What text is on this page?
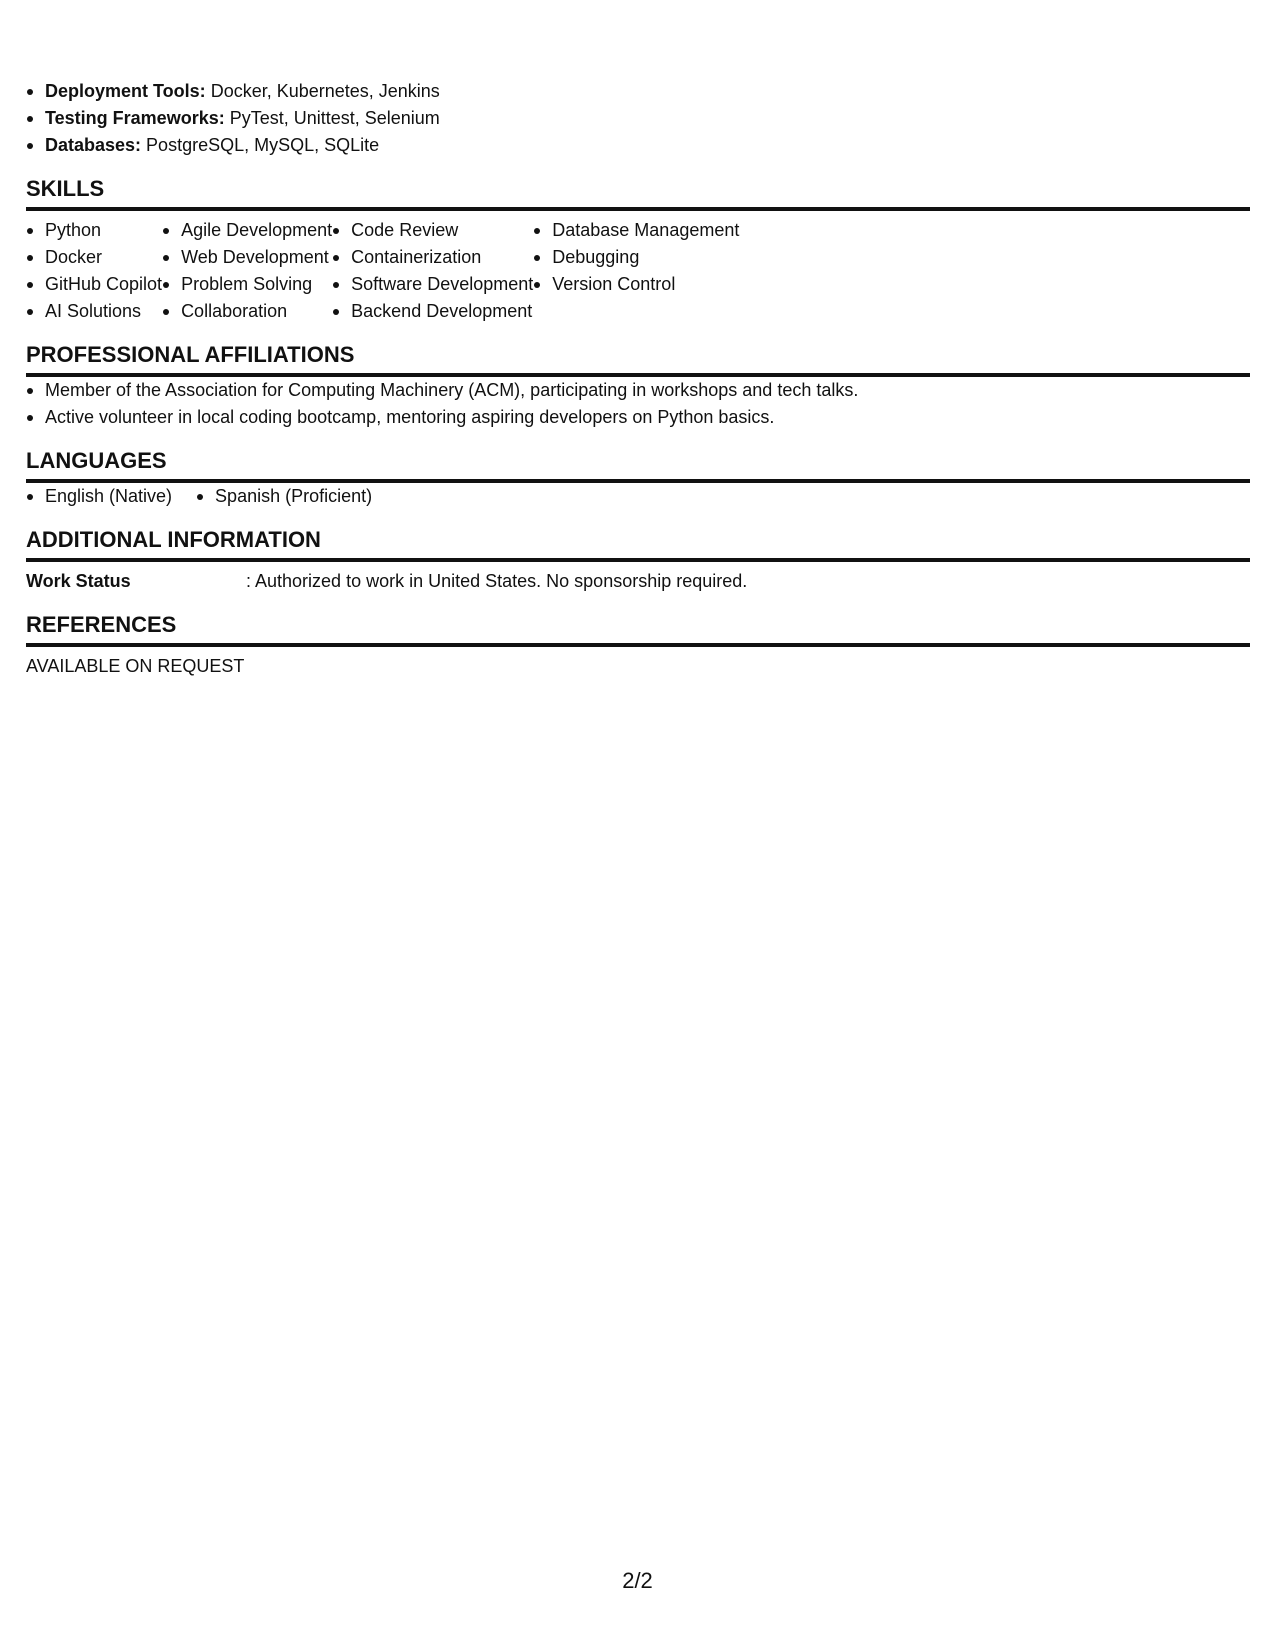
Deployment Tools: Docker, Kubernetes, Jenkins
Testing Frameworks: PyTest, Unittest, Selenium
Databases: PostgreSQL, MySQL, SQLite
SKILLS
Python
Docker
GitHub Copilot
AI Solutions
Agile Development
Web Development
Problem Solving
Collaboration
Code Review
Containerization
Software Development
Backend Development
Database Management
Debugging
Version Control
PROFESSIONAL AFFILIATIONS
Member of the Association for Computing Machinery (ACM), participating in workshops and tech talks.
Active volunteer in local coding bootcamp, mentoring aspiring developers on Python basics.
LANGUAGES
English (Native)	Spanish (Proficient)
ADDITIONAL INFORMATION
Work Status	: Authorized to work in United States. No sponsorship required.
REFERENCES
AVAILABLE ON REQUEST
2/2
